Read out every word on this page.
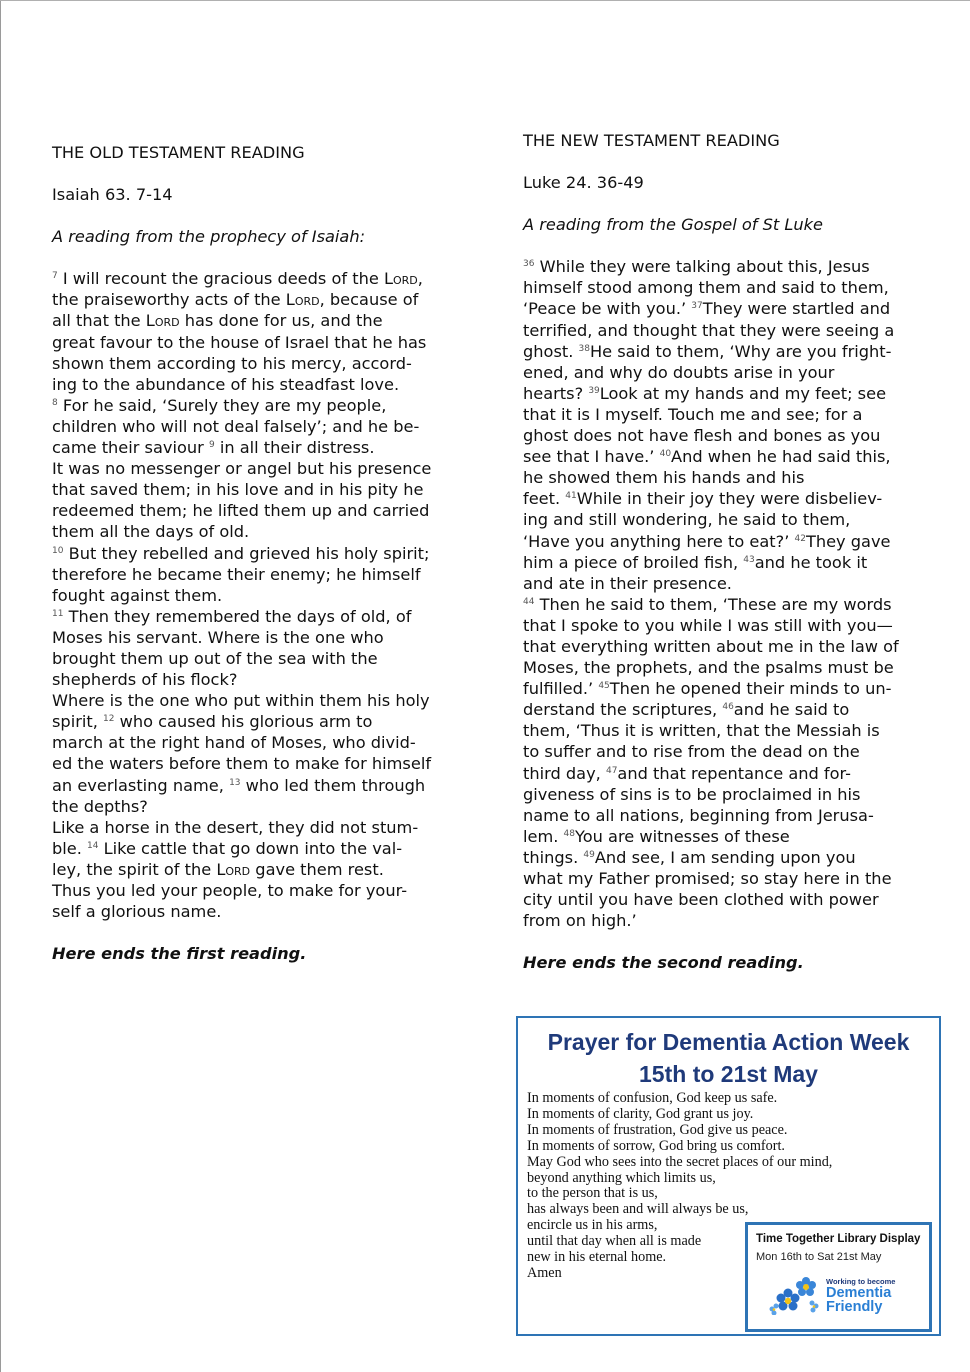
THE OLD TESTAMENT READING
Isaiah 63. 7-14
A reading from the prophecy of Isaiah:
$^7$ I will recount the gracious deeds of the Lord,
the praiseworthy acts of the Lord, because of
all that the Lord has done for us, and the
great favour to the house of Israel that he has
shown them according to his mercy, accord-
ing to the abundance of his steadfast love.
$^8$ For he said, ‘Surely they are my people,
children who will not deal falsely’; and he be-
came their saviour $^9$ in all their distress.
It was no messenger or angel but his presence
that saved them; in his love and in his pity he
redeemed them; he lifted them up and carried
them all the days of old.
$^{10}$ But they rebelled and grieved his holy spirit;
therefore he became their enemy; he himself
fought against them.
$^{11}$ Then they remembered the days of old, of
Moses his servant. Where is the one who
brought them up out of the sea with the
shepherds of his flock?
Where is the one who put within them his holy
spirit, $^{12}$ who caused his glorious arm to
march at the right hand of Moses, who divid-
ed the waters before them to make for himself
an everlasting name, $^{13}$ who led them through
the depths?
Like a horse in the desert, they did not stum-
ble. $^{14}$ Like cattle that go down into the val-
ley, the spirit of the Lord gave them rest.
Thus you led your people, to make for your-
self a glorious name.
Here ends the first reading.
THE NEW TESTAMENT READING
Luke 24. 36-49
A reading from the Gospel of St Luke
$^{36}$ While they were talking about this, Jesus
himself stood among them and said to them,
‘Peace be with you.’ $^{37}$They were startled and
terrified, and thought that they were seeing a
ghost. $^{38}$He said to them, ‘Why are you fright-
ened, and why do doubts arise in your
hearts? $^{39}$Look at my hands and my feet; see
that it is I myself. Touch me and see; for a
ghost does not have flesh and bones as you
see that I have.’ $^{40}$And when he had said this,
he showed them his hands and his
feet. $^{41}$While in their joy they were disbeliev-
ing and still wondering, he said to them,
‘Have you anything here to eat?’ $^{42}$They gave
him a piece of broiled fish, $^{43}$and he took it
and ate in their presence.
$^{44}$ Then he said to them, ‘These are my words
that I spoke to you while I was still with you—
that everything written about me in the law of
Moses, the prophets, and the psalms must be
fulfilled.’ $^{45}$Then he opened their minds to un-
derstand the scriptures, $^{46}$and he said to
them, ‘Thus it is written, that the Messiah is
to suffer and to rise from the dead on the
third day, $^{47}$and that repentance and for-
giveness of sins is to be proclaimed in his
name to all nations, beginning from Jerusa-
lem. $^{48}$You are witnesses of these
things. $^{49}$And see, I am sending upon you
what my Father promised; so stay here in the
city until you have been clothed with power
from on high.’
Here ends the second reading.
Prayer for Dementia Action Week
15th to 21st May
In moments of confusion, God keep us safe.
In moments of clarity, God grant us joy.
In moments of frustration, God give us peace.
In moments of sorrow, God bring us comfort.
May God who sees into the secret places of our mind,
beyond anything which limits us,
to the person that is us,
has always been and will always be us,
encircle us in his arms,
until that day when all is made
new in his eternal home.
Amen
Time Together Library Display
Mon 16th to Sat 21st May
Working to become
Dementia
Friendly
